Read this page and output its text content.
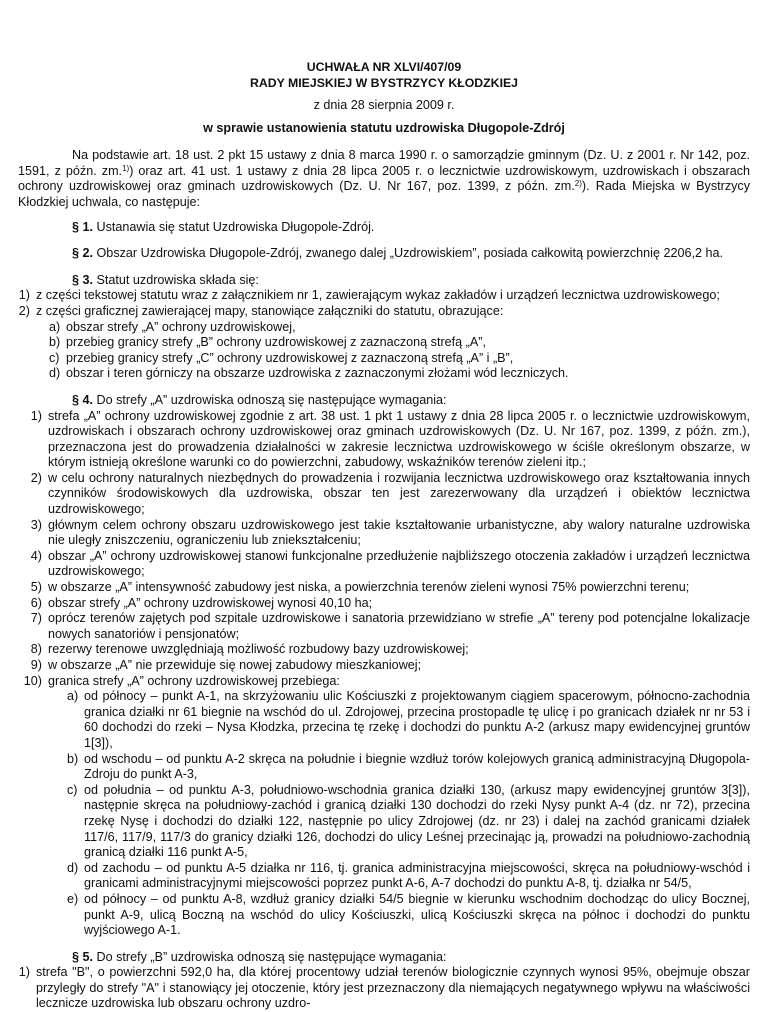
UCHWAŁA NR XLVI/407/09
RADY MIEJSKIEJ W BYSTRZYCY KŁODZKIEJ
z dnia 28 sierpnia 2009 r.
w sprawie ustanowienia statutu uzdrowiska Długopole-Zdrój
Na podstawie art. 18 ust. 2 pkt 15 ustawy z dnia 8 marca 1990 r. o samorządzie gminnym (Dz. U. z 2001 r. Nr 142, poz. 1591, z późn. zm.$^{1)}$) oraz art. 41 ust. 1 ustawy z dnia 28 lipca 2005 r. o lecznictwie uzdrowiskowym, uzdrowiskach i obszarach ochrony uzdrowiskowej oraz gminach uzdrowiskowych (Dz. U. Nr 167, poz. 1399, z późn. zm.$^{2)}$). Rada Miejska w Bystrzycy Kłodzkiej uchwala, co następuje:
§ 1. Ustanawia się statut Uzdrowiska Długopole-Zdrój.
§ 2. Obszar Uzdrowiska Długopole-Zdrój, zwanego dalej „Uzdrowiskiem”, posiada całkowitą powierzchnię 2206,2 ha.
§ 3. Statut uzdrowiska składa się:
1) z części tekstowej statutu wraz z załącznikiem nr 1, zawierającym wykaz zakładów i urządzeń lecznictwa uzdrowiskowego;
2) z części graficznej zawierającej mapy, stanowiące załączniki do statutu, obrazujące:
a) obszar strefy „A” ochrony uzdrowiskowej,
b) przebieg granicy strefy „B” ochrony uzdrowiskowej z zaznaczoną strefą „A”,
c) przebieg granicy strefy „C” ochrony uzdrowiskowej z zaznaczoną strefą „A” i „B”,
d) obszar i teren górniczy na obszarze uzdrowiska z zaznaczonymi złożami wód leczniczych.
§ 4. Do strefy „A” uzdrowiska odnoszą się następujące wymagania:
1) strefa „A” ochrony uzdrowiskowej zgodnie z art. 38 ust. 1 pkt 1 ustawy z dnia 28 lipca 2005 r. o lecznictwie uzdrowiskowym, uzdrowiskach i obszarach ochrony uzdrowiskowej oraz gminach uzdrowiskowych (Dz. U. Nr 167, poz. 1399, z późn. zm.), przeznaczona jest do prowadzenia działalności w zakresie lecznictwa uzdrowiskowego w ściśle określonym obszarze, w którym istnieją określone warunki co do powierzchni, zabudowy, wskaźników terenów zieleni itp.;
2) w celu ochrony naturalnych niezbędnych do prowadzenia i rozwijania lecznictwa uzdrowiskowego oraz kształtowania innych czynników środowiskowych dla uzdrowiska, obszar ten jest zarezerwowany dla urządzeń i obiektów lecznictwa uzdrowiskowego;
3) głównym celem ochrony obszaru uzdrowiskowego jest takie kształtowanie urbanistyczne, aby walory naturalne uzdrowiska nie uległy zniszczeniu, ograniczeniu lub zniekształceniu;
4) obszar „A” ochrony uzdrowiskowej stanowi funkcjonalne przedłużenie najbliższego otoczenia zakładów i urządzeń lecznictwa uzdrowiskowego;
5) w obszarze „A” intensywność zabudowy jest niska, a powierzchnia terenów zieleni wynosi 75% powierzchni terenu;
6) obszar strefy „A” ochrony uzdrowiskowej wynosi 40,10 ha;
7) oprócz terenów zajętych pod szpitale uzdrowiskowe i sanatoria przewidziano w strefie „A” tereny pod potencjalne lokalizacje nowych sanatoriów i pensjonatów;
8) rezerwy terenowe uwzględniają możliwość rozbudowy bazy uzdrowiskowej;
9) w obszarze „A” nie przewiduje się nowej zabudowy mieszkaniowej;
10) granica strefy „A” ochrony uzdrowiskowej przebiega:
a) od północy – punkt A-1, na skrzyżowaniu ulic Kościuszki z projektowanym ciągiem spacerowym, północno-zachodnia granica działki nr 61 biegnie na wschód do ul. Zdrojowej, przecina prostopadle tę ulicę i po granicach działek nr nr 53 i 60 dochodzi do rzeki – Nysa Kłodzka, przecina tę rzekę i dochodzi do punktu A-2 (arkusz mapy ewidencyjnej gruntów 1[3]),
b) od wschodu – od punktu A-2 skręca na południe i biegnie wzdłuż torów kolejowych granicą administracyjną Długopola-Zdroju do punkt A-3,
c) od południa – od punktu A-3, południowo-wschodnia granica działki 130, (arkusz mapy ewidencyjnej gruntów 3[3]), następnie skręca na południowy-zachód i granicą działki 130 dochodzi do rzeki Nysy punkt A-4 (dz. nr 72), przecina rzekę Nysę i dochodzi do działki 122, następnie po ulicy Zdrojowej (dz. nr 23) i dalej na zachód granicami działek 117/6, 117/9, 117/3 do granicy działki 126, dochodzi do ulicy Leśnej przecinając ją, prowadzi na południowo-zachodnią granicą działki 116 punkt A-5,
d) od zachodu – od punktu A-5 działka nr 116, tj. granica administracyjna miejscowości, skręca na południowy-wschód i granicami administracyjnymi miejscowości poprzez punkt A-6, A-7 dochodzi do punktu A-8, tj. działka nr 54/5,
e) od północy – od punktu A-8, wzdłuż granicy działki 54/5 biegnie w kierunku wschodnim dochodząc do ulicy Bocznej, punkt A-9, ulicą Boczną na wschód do ulicy Kościuszki, ulicą Kościuszki skręca na północ i dochodzi do punktu wyjściowego A-1.
§ 5. Do strefy „B” uzdrowiska odnoszą się następujące wymagania:
1) strefa "B", o powierzchni 592,0 ha, dla której procentowy udział terenów biologicznie czynnych wynosi 95%, obejmuje obszar przyległy do strefy "A" i stanowiący jej otoczenie, który jest przeznaczony dla niemających negatywnego wpływu na właściwości lecznicze uzdrowiska lub obszaru ochrony uzdro-
